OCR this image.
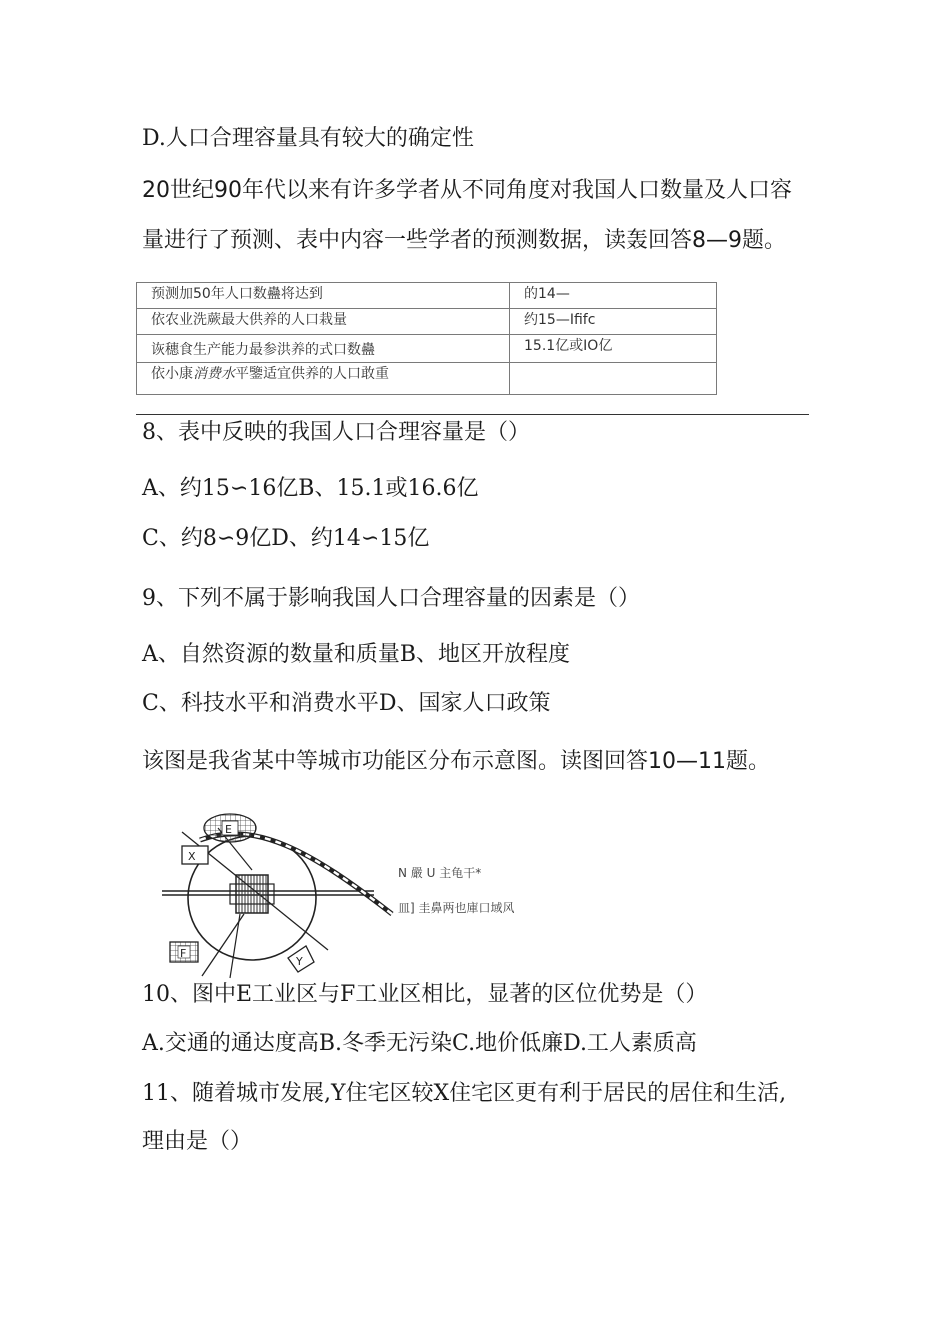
D.人口合理容量具有较大的确定性
20世纪90年代以来有许多学者从不同角度对我国人口数量及人口容
量进行了预测、表中内容一些学者的预测数据，读轰回答8—9题。
预测加50年人口数蠱将达到	的14—
依农业洗蕨最大供养的人口栽量	约15—Ififc
诙穗食生产能力最参洪养的式口数蠱	15.1亿或IO亿
依小康消费水平鑒适宜供养的人口敢重	
8、表中反映的我国人口合理容量是（）
A、约15∽16亿B、15.1或16.6亿
C、约8∽9亿D、约14∽15亿
9、下列不属于影响我国人口合理容量的因素是（）
A、自然资源的数量和质量B、地区开放程度
C、科技水平和消费水平D、国家人口政策
该图是我省某中等城市功能区分布示意图。读图回答10—11题。
E
X
F
Y
N 嚴 U 主龟干*
皿] 圭鼻两也庫口域风
10、图中E工业区与F工业区相比，显著的区位优势是（）
A.交通的通达度高B.冬季无污染C.地价低廉D.工人素质高
11、随着城市发展,Y住宅区较X住宅区更有利于居民的居住和生活,
理由是（）
